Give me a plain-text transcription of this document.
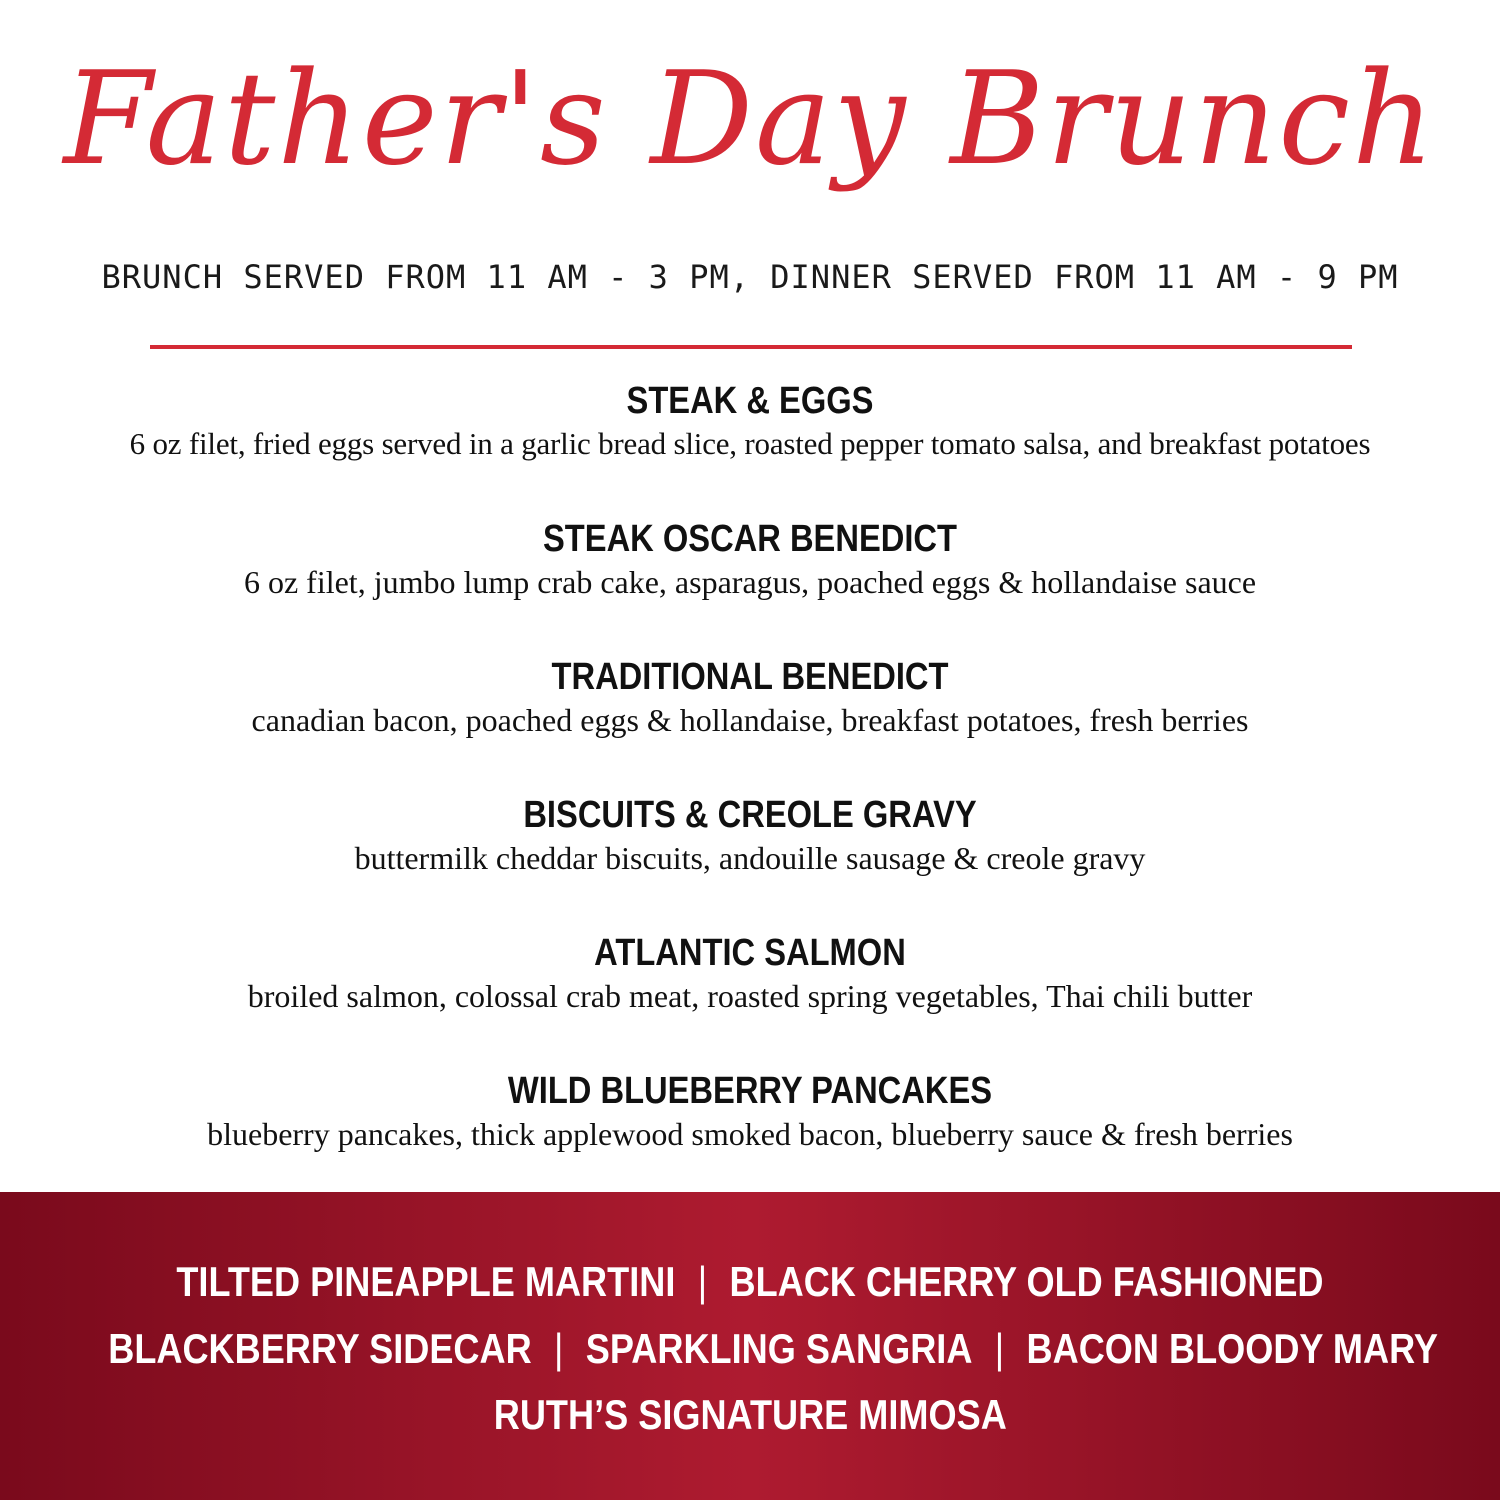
Father's Day Brunch
BRUNCH SERVED FROM 11 AM - 3 PM, DINNER SERVED FROM 11 AM - 9 PM
STEAK & EGGS
6 oz filet, fried eggs served in a garlic bread slice, roasted pepper tomato salsa, and breakfast potatoes
STEAK OSCAR BENEDICT
6 oz filet, jumbo lump crab cake, asparagus, poached eggs & hollandaise sauce
TRADITIONAL BENEDICT
canadian bacon, poached eggs & hollandaise, breakfast potatoes, fresh berries
BISCUITS & CREOLE GRAVY
buttermilk cheddar biscuits, andouille sausage & creole gravy
ATLANTIC SALMON
broiled salmon, colossal crab meat, roasted spring vegetables, Thai chili butter
WILD BLUEBERRY PANCAKES
blueberry pancakes, thick applewood smoked bacon, blueberry sauce & fresh berries
TILTED PINEAPPLE MARTINI | BLACK CHERRY OLD FASHIONED
BLACKBERRY SIDECAR | SPARKLING SANGRIA | BACON BLOODY MARY
RUTH’S SIGNATURE MIMOSA
